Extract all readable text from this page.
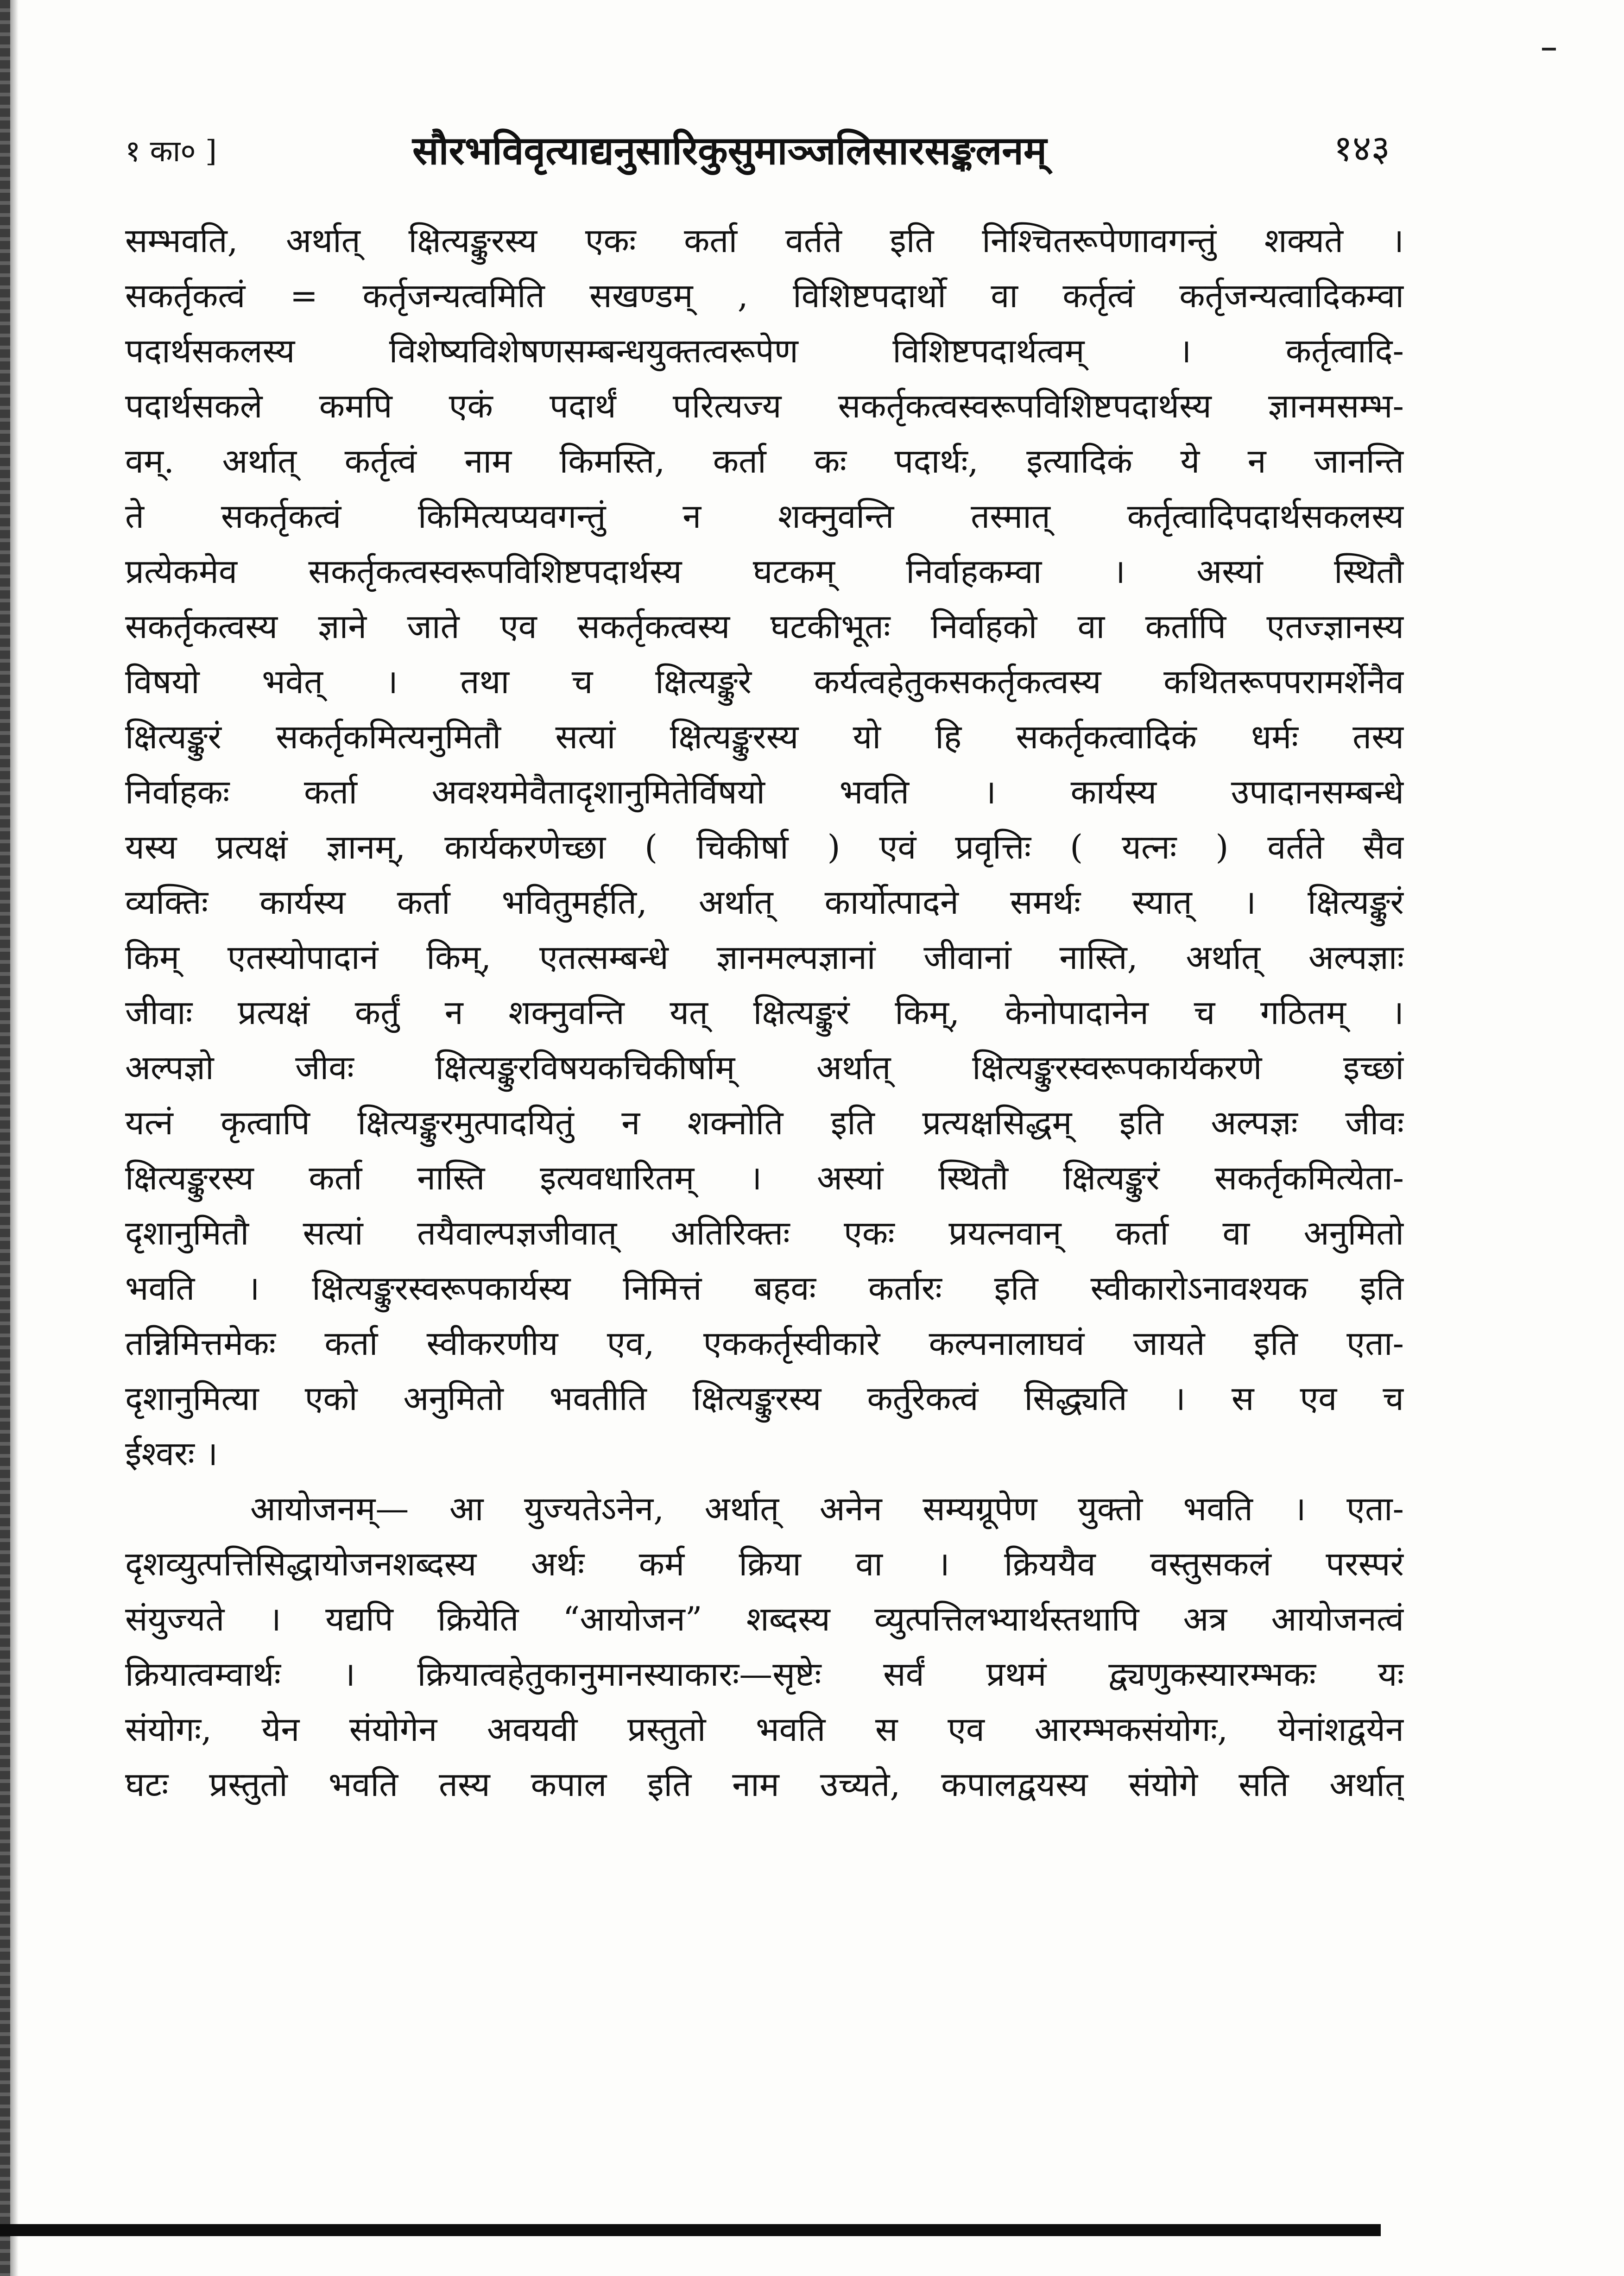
१ का० ]	सौरभविवृत्याद्यनुसारिकुसुमाञ्जलिसारसङ्कलनम्	१४३
सम्भवति, अर्थात् क्षित्यङ्कुरस्य एकः कर्ता वर्तते इति निश्चितरूपेणावगन्तुं शक्यते ।
सकर्तृकत्वं = कर्तृजन्यत्वमिति सखण्डम् , विशिष्टपदार्थो वा कर्तृत्वं कर्तृजन्यत्वादिकम्वा
पदार्थसकलस्य विशेष्यविशेषणसम्बन्धयुक्तत्वरूपेण विशिष्टपदार्थत्वम् । कर्तृत्वादि-
पदार्थसकले कमपि एकं पदार्थं परित्यज्य सकर्तृकत्वस्वरूपविशिष्टपदार्थस्य ज्ञानमसम्भ-
वम्. अर्थात् कर्तृत्वं नाम किमस्ति, कर्ता कः पदार्थः, इत्यादिकं ये न जानन्ति
ते सकर्तृकत्वं किमित्यप्यवगन्तुं न शक्नुवन्ति तस्मात् कर्तृत्वादिपदार्थसकलस्य
प्रत्येकमेव सकर्तृकत्वस्वरूपविशिष्टपदार्थस्य घटकम् निर्वाहकम्वा । अस्यां स्थितौ
सकर्तृकत्वस्य ज्ञाने जाते एव सकर्तृकत्वस्य घटकीभूतः निर्वाहको वा कर्तापि एतज्ज्ञानस्य
विषयो भवेत् । तथा च क्षित्यङ्कुरे कर्यत्वहेतुकसकर्तृकत्वस्य कथितरूपपरामर्शेनैव
क्षित्यङ्कुरं सकर्तृकमित्यनुमितौ सत्यां क्षित्यङ्कुरस्य यो हि सकर्तृकत्वादिकं धर्मः तस्य
निर्वाहकः कर्ता अवश्यमेवैतादृशानुमितेर्विषयो भवति । कार्यस्य उपादानसम्बन्धे
यस्य प्रत्यक्षं ज्ञानम्, कार्यकरणेच्छा ( चिकीर्षा ) एवं प्रवृत्तिः ( यत्नः ) वर्तते सैव
व्यक्तिः कार्यस्य कर्ता भवितुमर्हति, अर्थात् कार्योत्पादने समर्थः स्यात् । क्षित्यङ्कुरं
किम् एतस्योपादानं किम्, एतत्सम्बन्धे ज्ञानमल्पज्ञानां जीवानां नास्ति, अर्थात् अल्पज्ञाः
जीवाः प्रत्यक्षं कर्तुं न शक्नुवन्ति यत् क्षित्यङ्कुरं किम्, केनोपादानेन च गठितम् ।
अल्पज्ञो जीवः क्षित्यङ्कुरविषयकचिकीर्षाम् अर्थात् क्षित्यङ्कुरस्वरूपकार्यकरणे इच्छां
यत्नं कृत्वापि क्षित्यङ्कुरमुत्पादयितुं न शक्नोति इति प्रत्यक्षसिद्धम् इति अल्पज्ञः जीवः
क्षित्यङ्कुरस्य कर्ता नास्ति इत्यवधारितम् । अस्यां स्थितौ क्षित्यङ्कुरं सकर्तृकमित्येता-
दृशानुमितौ सत्यां तयैवाल्पज्ञजीवात् अतिरिक्तः एकः प्रयत्नवान् कर्ता वा अनुमितो
भवति । क्षित्यङ्कुरस्वरूपकार्यस्य निमित्तं बहवः कर्तारः इति स्वीकारोऽनावश्यक इति
तन्निमित्तमेकः कर्ता स्वीकरणीय एव, एककर्तृस्वीकारे कल्पनालाघवं जायते इति एता-
दृशानुमित्या एको अनुमितो भवतीति क्षित्यङ्कुरस्य कर्तुरेकत्वं सिद्ध्यति । स एव च
ईश्वरः ।
आयोजनम्— आ युज्यतेऽनेन, अर्थात् अनेन सम्यग्रूपेण युक्तो भवति । एता-
दृशव्युत्पत्तिसिद्धायोजनशब्दस्य अर्थः कर्म क्रिया वा । क्रिययैव वस्तुसकलं परस्परं
संयुज्यते । यद्यपि क्रियेति “आयोजन” शब्दस्य व्युत्पत्तिलभ्यार्थस्तथापि अत्र आयोजनत्वं
क्रियात्वम्वार्थः । क्रियात्वहेतुकानुमानस्याकारः—सृष्टेः सर्वं प्रथमं द्व्यणुकस्यारम्भकः यः
संयोगः, येन संयोगेन अवयवी प्रस्तुतो भवति स एव आरम्भकसंयोगः, येनांशद्वयेन
घटः प्रस्तुतो भवति तस्य कपाल इति नाम उच्यते, कपालद्वयस्य संयोगे सति अर्थात्
